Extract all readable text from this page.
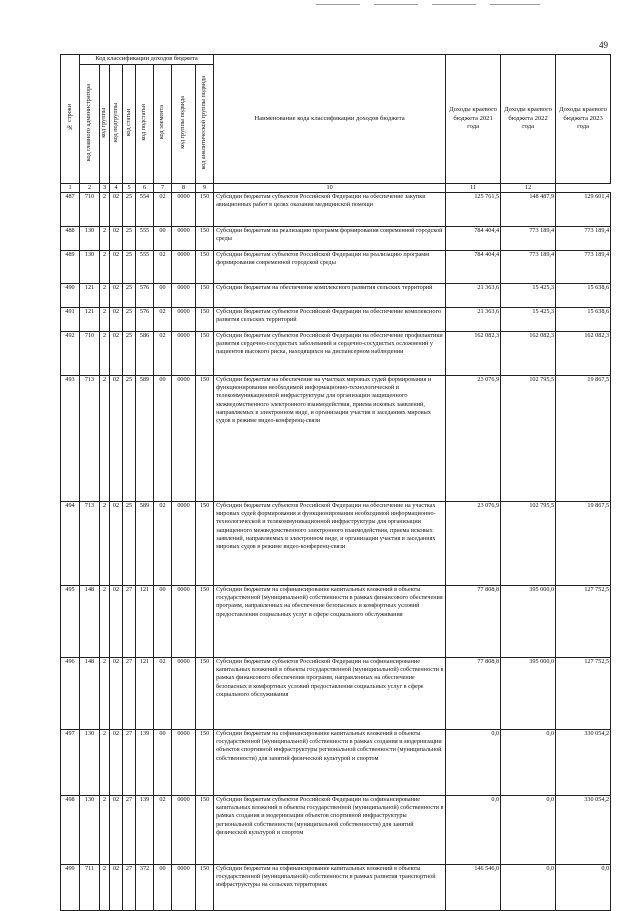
49
№ строки	Код классификации доходов бюджета								Наименование кода классификации доходов бюджета	Доходы краевого бюджета 2021 года	Доходы краевого бюджета 2022 года	Доходы краевого бюджета 2023 года
	код главного администратора	код группы	код подгруппы	код статьи	код подстатьи	код элемента	код группы подвида	код аналитической группы подвида				
1	2	3	4	5	6	7	8	9	10	11	12	
487	710	2	02	25	554	02	0000	150	Субсидии бюджетам субъектов Российской Федерации на обеспечение закупки авиационных работ в целях оказания медицинской помощи	125 761,5	148 487,9	129 601,4
488	130	2	02	25	555	00	0000	150	Субсидии бюджетам на реализацию программ формирования современной городской среды	784 404,4	773 189,4	773 189,4
489	130	2	02	25	555	02	0000	150	Субсидии бюджетам субъектов Российской Федерации на реализацию программ формирования современной городской среды	784 404,4	773 189,4	773 189,4
490	121	2	02	25	576	00	0000	150	Субсидии бюджетам на обеспечение комплексного развития сельских территорий	21 363,6	15 425,3	15 638,6
491	121	2	02	25	576	02	0000	150	Субсидии бюджетам субъектов Российской Федерации на обеспечение комплексного развития сельских территорий	21 363,6	15 425,3	15 638,6
492	710	2	02	25	586	02	0000	150	Субсидии бюджетам субъектов Российской Федерации на обеспечение профилактики развития сердечно-сосудистых заболеваний и сердечно-сосудистых осложнений у пациентов высокого риска, находящихся на диспансерном наблюдении	162 082,3	162 082,3	162 082,3
493	713	2	02	25	589	00	0000	150	Субсидии бюджетам на обеспечение на участках мировых судей формирования и функционирования необходимой информационно-технологической и телекоммуникационной инфраструктуры для организации защищенного межведомственного электронного взаимодействия, приема исковых заявлений, направляемых в электронном виде, и организации участия в заседаниях мировых судов в режиме видео-конференц-связи	23 076,9	102 795,5	19 867,5
494	713	2	02	25	589	02	0000	150	Субсидии бюджетам субъектов Российской Федерации на обеспечение на участках мировых судей формирования и функционирования необходимой информационно-технологической и телекоммуникационной инфраструктуры для организации защищенного межведомственного электронного взаимодействия, приема исковых заявлений, направляемых в электронном виде, и организации участия в заседаниях мировых судов в режиме видео-конференц-связи	23 076,9	102 795,5	19 867,5
495	148	2	02	27	121	00	0000	150	Субсидии бюджетам на софинансирование капитальных вложений в объекты государственной (муниципальной) собственности в рамках финансового обеспечения программ, направленных на обеспечение безопасных и комфортных условий предоставления социальных услуг в сфере социального обслуживания	77 808,8	395 000,0	127 752,5
496	148	2	02	27	121	02	0000	150	Субсидии бюджетам субъектов Российской Федерации на софинансирование капитальных вложений в объекты государственной (муниципальной) собственности в рамках финансового обеспечения программ, направленных на обеспечение безопасных и комфортных условий предоставления социальных услуг в сфере социального обслуживания	77 808,8	395 000,0	127 752,5
497	130	2	02	27	139	00	0000	150	Субсидии бюджетам на софинансирование капитальных вложений в объекты государственной (муниципальной) собственности в рамках создания и модернизации объектов спортивной инфраструктуры региональной собственности (муниципальной собственности) для занятий физической культурой и спортом	0,0	0,0	330 054,2
498	130	2	02	27	139	02	0000	150	Субсидии бюджетам субъектов Российской Федерации на софинансирование капитальных вложений в объекты государственной (муниципальной) собственности в рамках создания и модернизации объектов спортивной инфраструктуры региональной собственности (муниципальной собственности) для занятий физической культурой и спортом	0,0	0,0	330 054,2
499	711	2	02	27	372	00	0000	150	Субсидии бюджетам на софинансирование капитальных вложений в объекты государственной (муниципальной) собственности в рамках развития транспортной инфраструктуры на сельских территориях	146 546,0	0,0	0,0
